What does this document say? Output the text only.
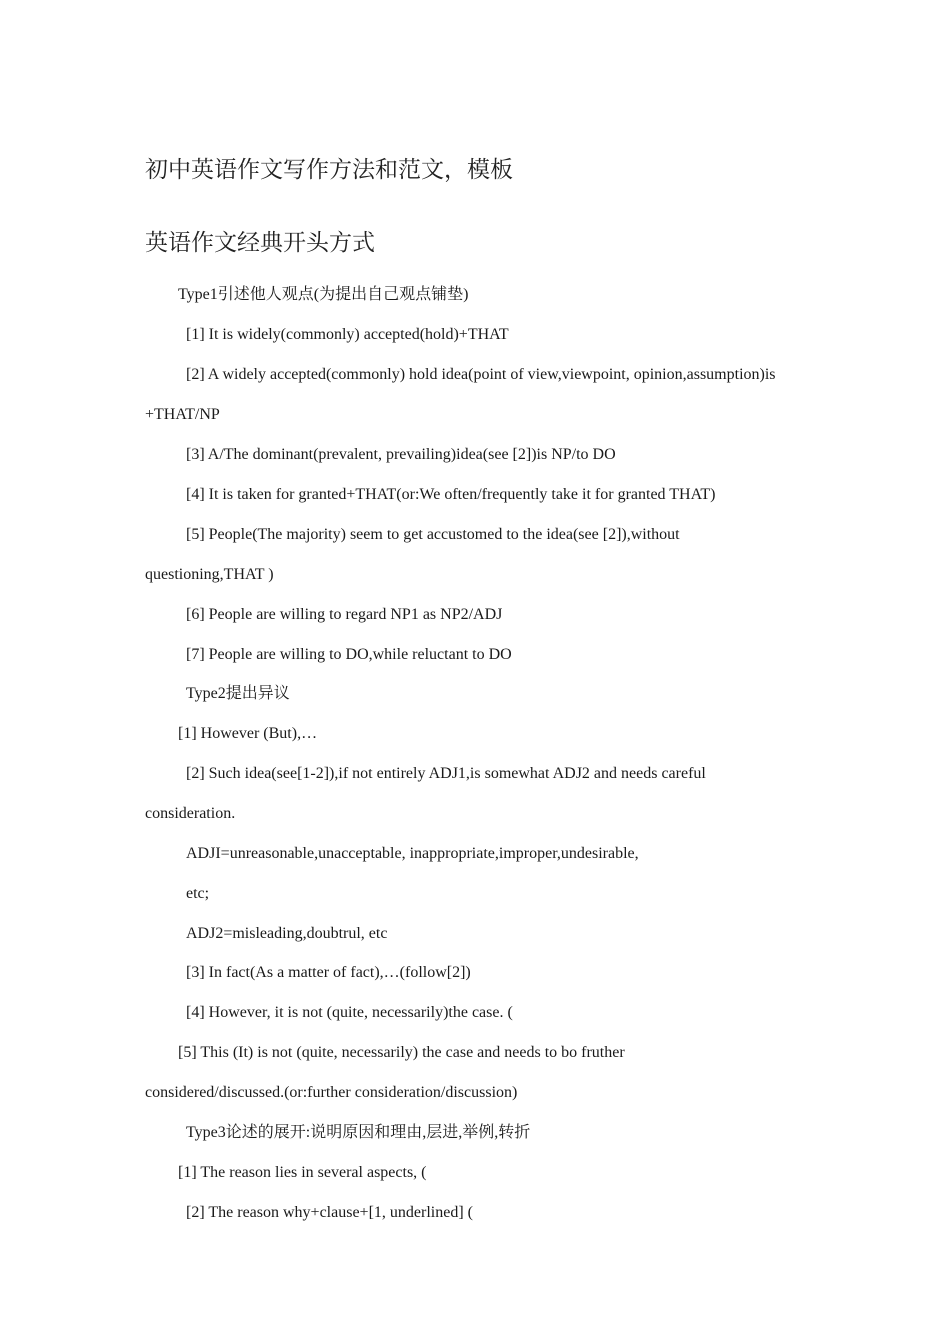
初中英语作文写作方法和范文，模板
英语作文经典开头方式
Type1引述他人观点(为提出自己观点铺垫)
[1] It is widely(commonly) accepted(hold)+THAT
[2] A widely accepted(commonly) hold idea(point of view,viewpoint, opinion,assumption)is
+THAT/NP
[3] A/The dominant(prevalent, prevailing)idea(see [2])is NP/to DO
[4] It is taken for granted+THAT(or:We often/frequently take it for granted THAT)
[5] People(The majority) seem to get accustomed to the idea(see [2]),without
questioning,THAT )
[6] People are willing to regard NP1 as NP2/ADJ
[7] People are willing to DO,while reluctant to DO
Type2提出异议
[1] However (But),…
[2] Such idea(see[1-2]),if not entirely ADJ1,is somewhat ADJ2 and needs careful
consideration.
ADJI=unreasonable,unacceptable, inappropriate,improper,undesirable,
etc;
ADJ2=misleading,doubtrul, etc
[3] In fact(As a matter of fact),…(follow[2])
[4] However, it is not (quite, necessarily)the case. (
[5] This (It) is not (quite, necessarily) the case and needs to bo fruther
considered/discussed.(or:further consideration/discussion)
Type3论述的展开:说明原因和理由,层进,举例,转折
[1] The reason lies in several aspects, (
[2] The reason why+clause+[1, underlined] (
